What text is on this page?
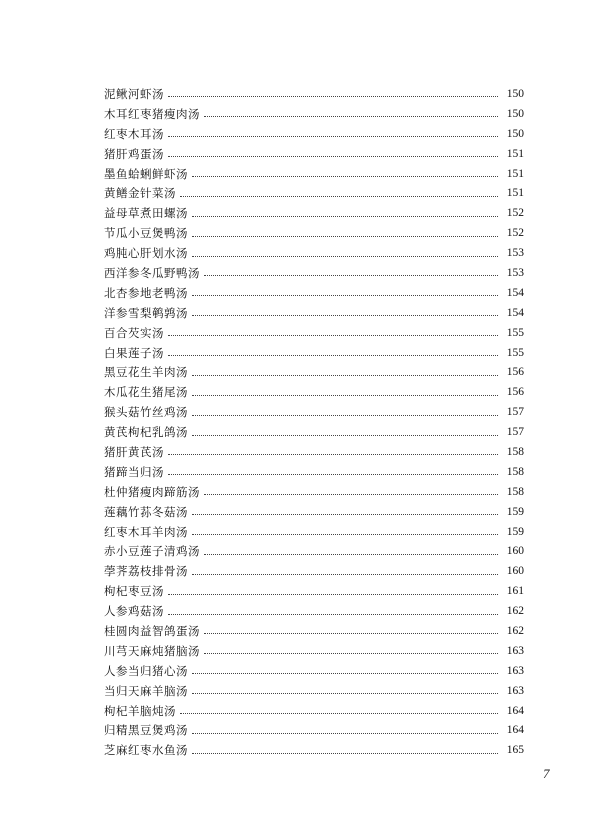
泥鳅河虾汤	150
木耳红枣猪瘦肉汤	150
红枣木耳汤	150
猪肝鸡蛋汤	151
墨鱼蛤蜊鲜虾汤	151
黄鳝金针菜汤	151
益母草煮田螺汤	152
节瓜小豆煲鸭汤	152
鸡肫心肝划水汤	153
西洋参冬瓜野鸭汤	153
北杏参地老鸭汤	154
洋参雪梨鹌鹑汤	154
百合芡实汤	155
白果莲子汤	155
黑豆花生羊肉汤	156
木瓜花生猪尾汤	156
猴头菇竹丝鸡汤	157
黄芪枸杞乳鸽汤	157
猪肝黄芪汤	158
猪蹄当归汤	158
杜仲猪瘦肉蹄筋汤	158
莲藕竹荪冬菇汤	159
红枣木耳羊肉汤	159
赤小豆莲子清鸡汤	160
荸荠荔枝排骨汤	160
枸杞枣豆汤	161
人参鸡菇汤	162
桂圆肉益智鸽蛋汤	162
川芎天麻炖猪脑汤	163
人参当归猪心汤	163
当归天麻羊脑汤	163
枸杞羊脑炖汤	164
归精黑豆煲鸡汤	164
芝麻红枣水鱼汤	165
7
